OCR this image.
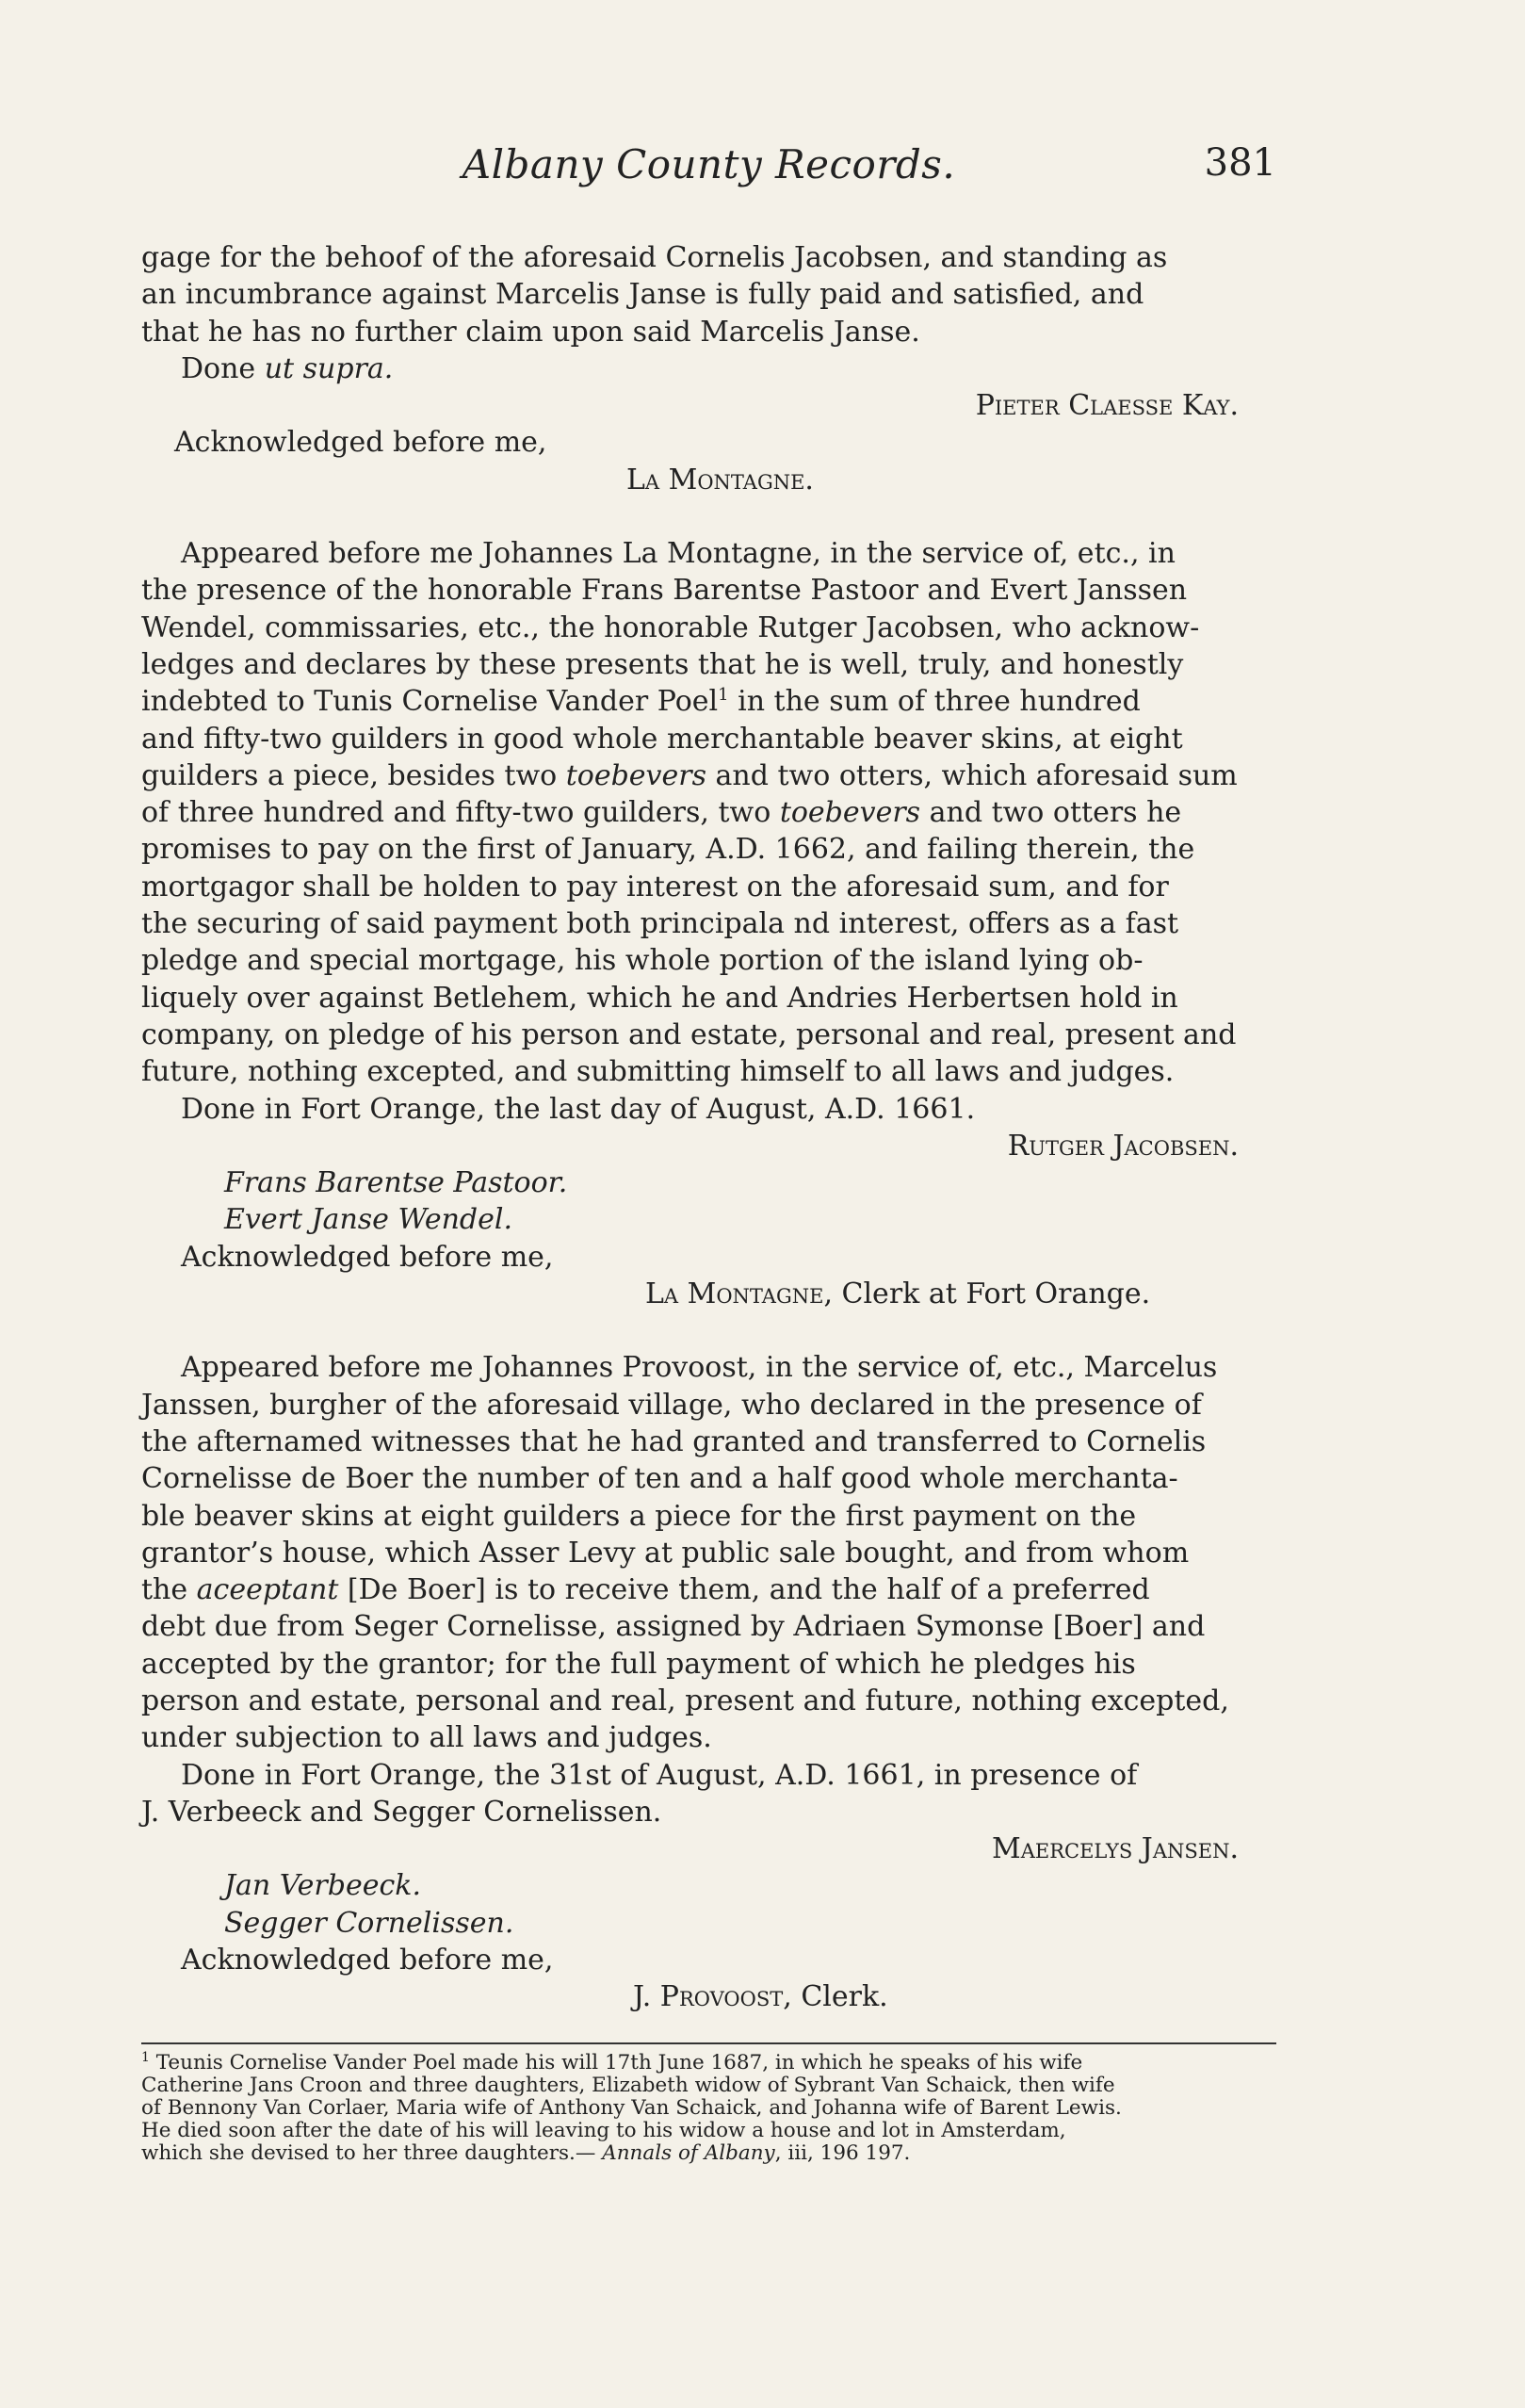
Albany County Records.	381

gage for the behoof of the aforesaid Cornelis Jacobsen, and standing as

an incumbrance against Marcelis Janse is fully paid and satisfied, and

that he has no further claim upon said Marcelis Janse.

Done ut supra.

Pieter Claesse Kay.

Acknowledged before me,

La Montagne.

Appeared before me Johannes La Montagne, in the service of, etc., in

the presence of the honorable Frans Barentse Pastoor and Evert Janssen

Wendel, commissaries, etc., the honorable Rutger Jacobsen, who acknow-

ledges and declares by these presents that he is well, truly, and honestly

indebted to Tunis Cornelise Vander Poel$^1$ in the sum of three hundred

and fifty-two guilders in good whole merchantable beaver skins, at eight

guilders a piece, besides two toebevers and two otters, which aforesaid sum

of three hundred and fifty-two guilders, two toebevers and two otters he

promises to pay on the first of January, A.D. 1662, and failing therein, the

mortgagor shall be holden to pay interest on the aforesaid sum, and for

the securing of said payment both principala nd interest, offers as a fast

pledge and special mortgage, his whole portion of the island lying ob-

liquely over against Betlehem, which he and Andries Herbertsen hold in

company, on pledge of his person and estate, personal and real, present and

future, nothing excepted, and submitting himself to all laws and judges.

Done in Fort Orange, the last day of August, A.D. 1661.

Rutger Jacobsen.

Frans Barentse Pastoor.

Evert Janse Wendel.

Acknowledged before me,

La Montagne, Clerk at Fort Orange.

Appeared before me Johannes Provoost, in the service of, etc., Marcelus

Janssen, burgher of the aforesaid village, who declared in the presence of

the afternamed witnesses that he had granted and transferred to Cornelis

Cornelisse de Boer the number of ten and a half good whole merchanta-

ble beaver skins at eight guilders a piece for the first payment on the

grantor’s house, which Asser Levy at public sale bought, and from whom

the aceeptant [De Boer] is to receive them, and the half of a preferred

debt due from Seger Cornelisse, assigned by Adriaen Symonse [Boer] and

accepted by the grantor; for the full payment of which he pledges his

person and estate, personal and real, present and future, nothing excepted,

under subjection to all laws and judges.

Done in Fort Orange, the 31st of August, A.D. 1661, in presence of

J. Verbeeck and Segger Cornelissen.

Maercelys Jansen.

Jan Verbeeck.

Segger Cornelissen.

Acknowledged before me,

J. Provoost, Clerk.

$^1$ Teunis Cornelise Vander Poel made his will 17th June 1687, in which he speaks of his wife

Catherine Jans Croon and three daughters, Elizabeth widow of Sybrant Van Schaick, then wife

of Bennony Van Corlaer, Maria wife of Anthony Van Schaick, and Johanna wife of Barent Lewis.

He died soon after the date of his will leaving to his widow a house and lot in Amsterdam,

which she devised to her three daughters.— Annals of Albany, iii, 196 197.
